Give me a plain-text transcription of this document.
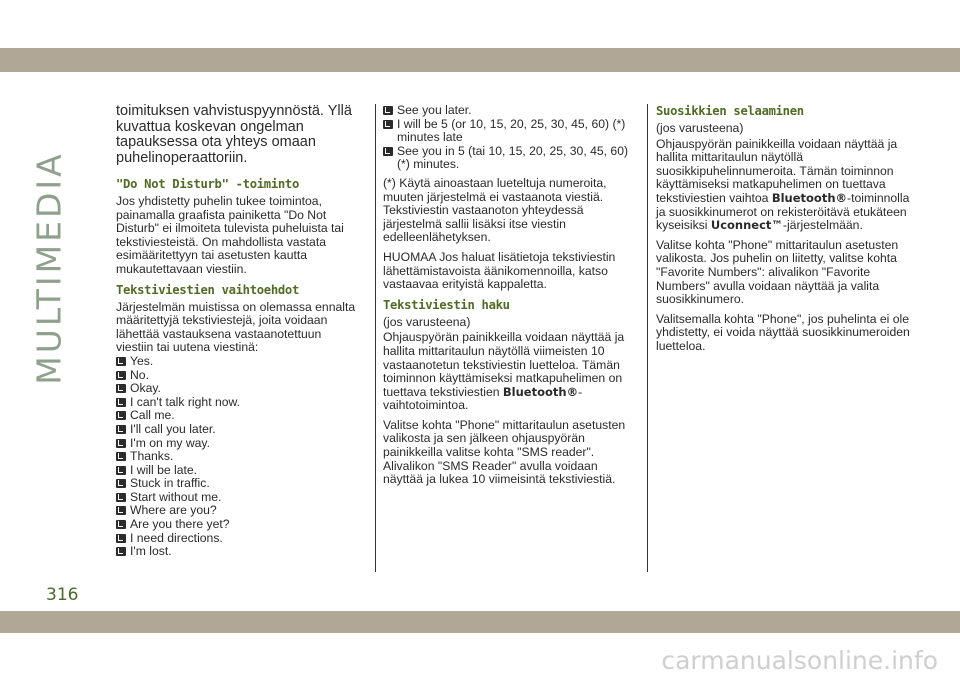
MULTIMEDIA

toimituksen vahvistuspyynnöstä. Yllä kuvattua koskevan ongelman tapauksessa ota yhteys omaan puhelinoperaattoriin.

"Do Not Disturb" -toiminto

Jos yhdistetty puhelin tukee toimintoa, painamalla graafista painiketta "Do Not Disturb" ei ilmoiteta tulevista puheluista tai tekstiviesteistä. On mahdollista vastata esimääritettyyn tai asetusten kautta mukautettavaan viestiin.

Tekstiviestien vaihtoehdot

Järjestelmän muistissa on olemassa ennalta määritettyjä tekstiviestejä, joita voidaan lähettää vastauksena vastaanotettuun viestiin tai uutena viestinä:

Yes.
No.
Okay.
I can't talk right now.
Call me.
I'll call you later.
I'm on my way.
Thanks.
I will be late.
Stuck in traffic.
Start without me.
Where are you?
Are you there yet?
I need directions.
I'm lost.
See you later.
I will be 5 (or 10, 15, 20, 25, 30, 45, 60) (*) minutes late
See you in 5 (tai 10, 15, 20, 25, 30, 45, 60) (*) minutes.

(*) Käytä ainoastaan lueteltuja numeroita, muuten järjestelmä ei vastaanota viestiä. Tekstiviestin vastaanoton yhteydessä järjestelmä sallii lisäksi itse viestin edelleenlähetyksen.

HUOMAA Jos haluat lisätietoja tekstiviestin lähettämistavoista äänikomennoilla, katso vastaavaa erityistä kappaletta.

Tekstiviestin haku

(jos varusteena)

Ohjauspyörän painikkeilla voidaan näyttää ja hallita mittaritaulun näytöllä viimeisten 10 vastaanotetun tekstiviestin luetteloa. Tämän toiminnon käyttämiseksi matkapuhelimen on tuettava tekstiviestien Bluetooth®-vaihtotoimintoa.

Valitse kohta "Phone" mittaritaulun asetusten valikosta ja sen jälkeen ohjauspyörän painikkeilla valitse kohta "SMS reader". Alivalikon "SMS Reader" avulla voidaan näyttää ja lukea 10 viimeisintä tekstiviestiä.

Suosikkien selaaminen

(jos varusteena)

Ohjauspyörän painikkeilla voidaan näyttää ja hallita mittaritaulun näytöllä suosikkipuhelinnumeroita. Tämän toiminnon käyttämiseksi matkapuhelimen on tuettava tekstiviestien vaihtoa Bluetooth®-toiminnolla ja suosikkinumerot on rekisteröitävä etukäteen kyseisiksi Uconnect™-järjestelmään.

Valitse kohta "Phone" mittaritaulun asetusten valikosta. Jos puhelin on liitetty, valitse kohta "Favorite Numbers": alivalikon "Favorite Numbers" avulla voidaan näyttää ja valita suosikkinumero.

Valitsemalla kohta "Phone", jos puhelinta ei ole yhdistetty, ei voida näyttää suosikkinumeroiden luetteloa.

316
carmanualsonline.info
